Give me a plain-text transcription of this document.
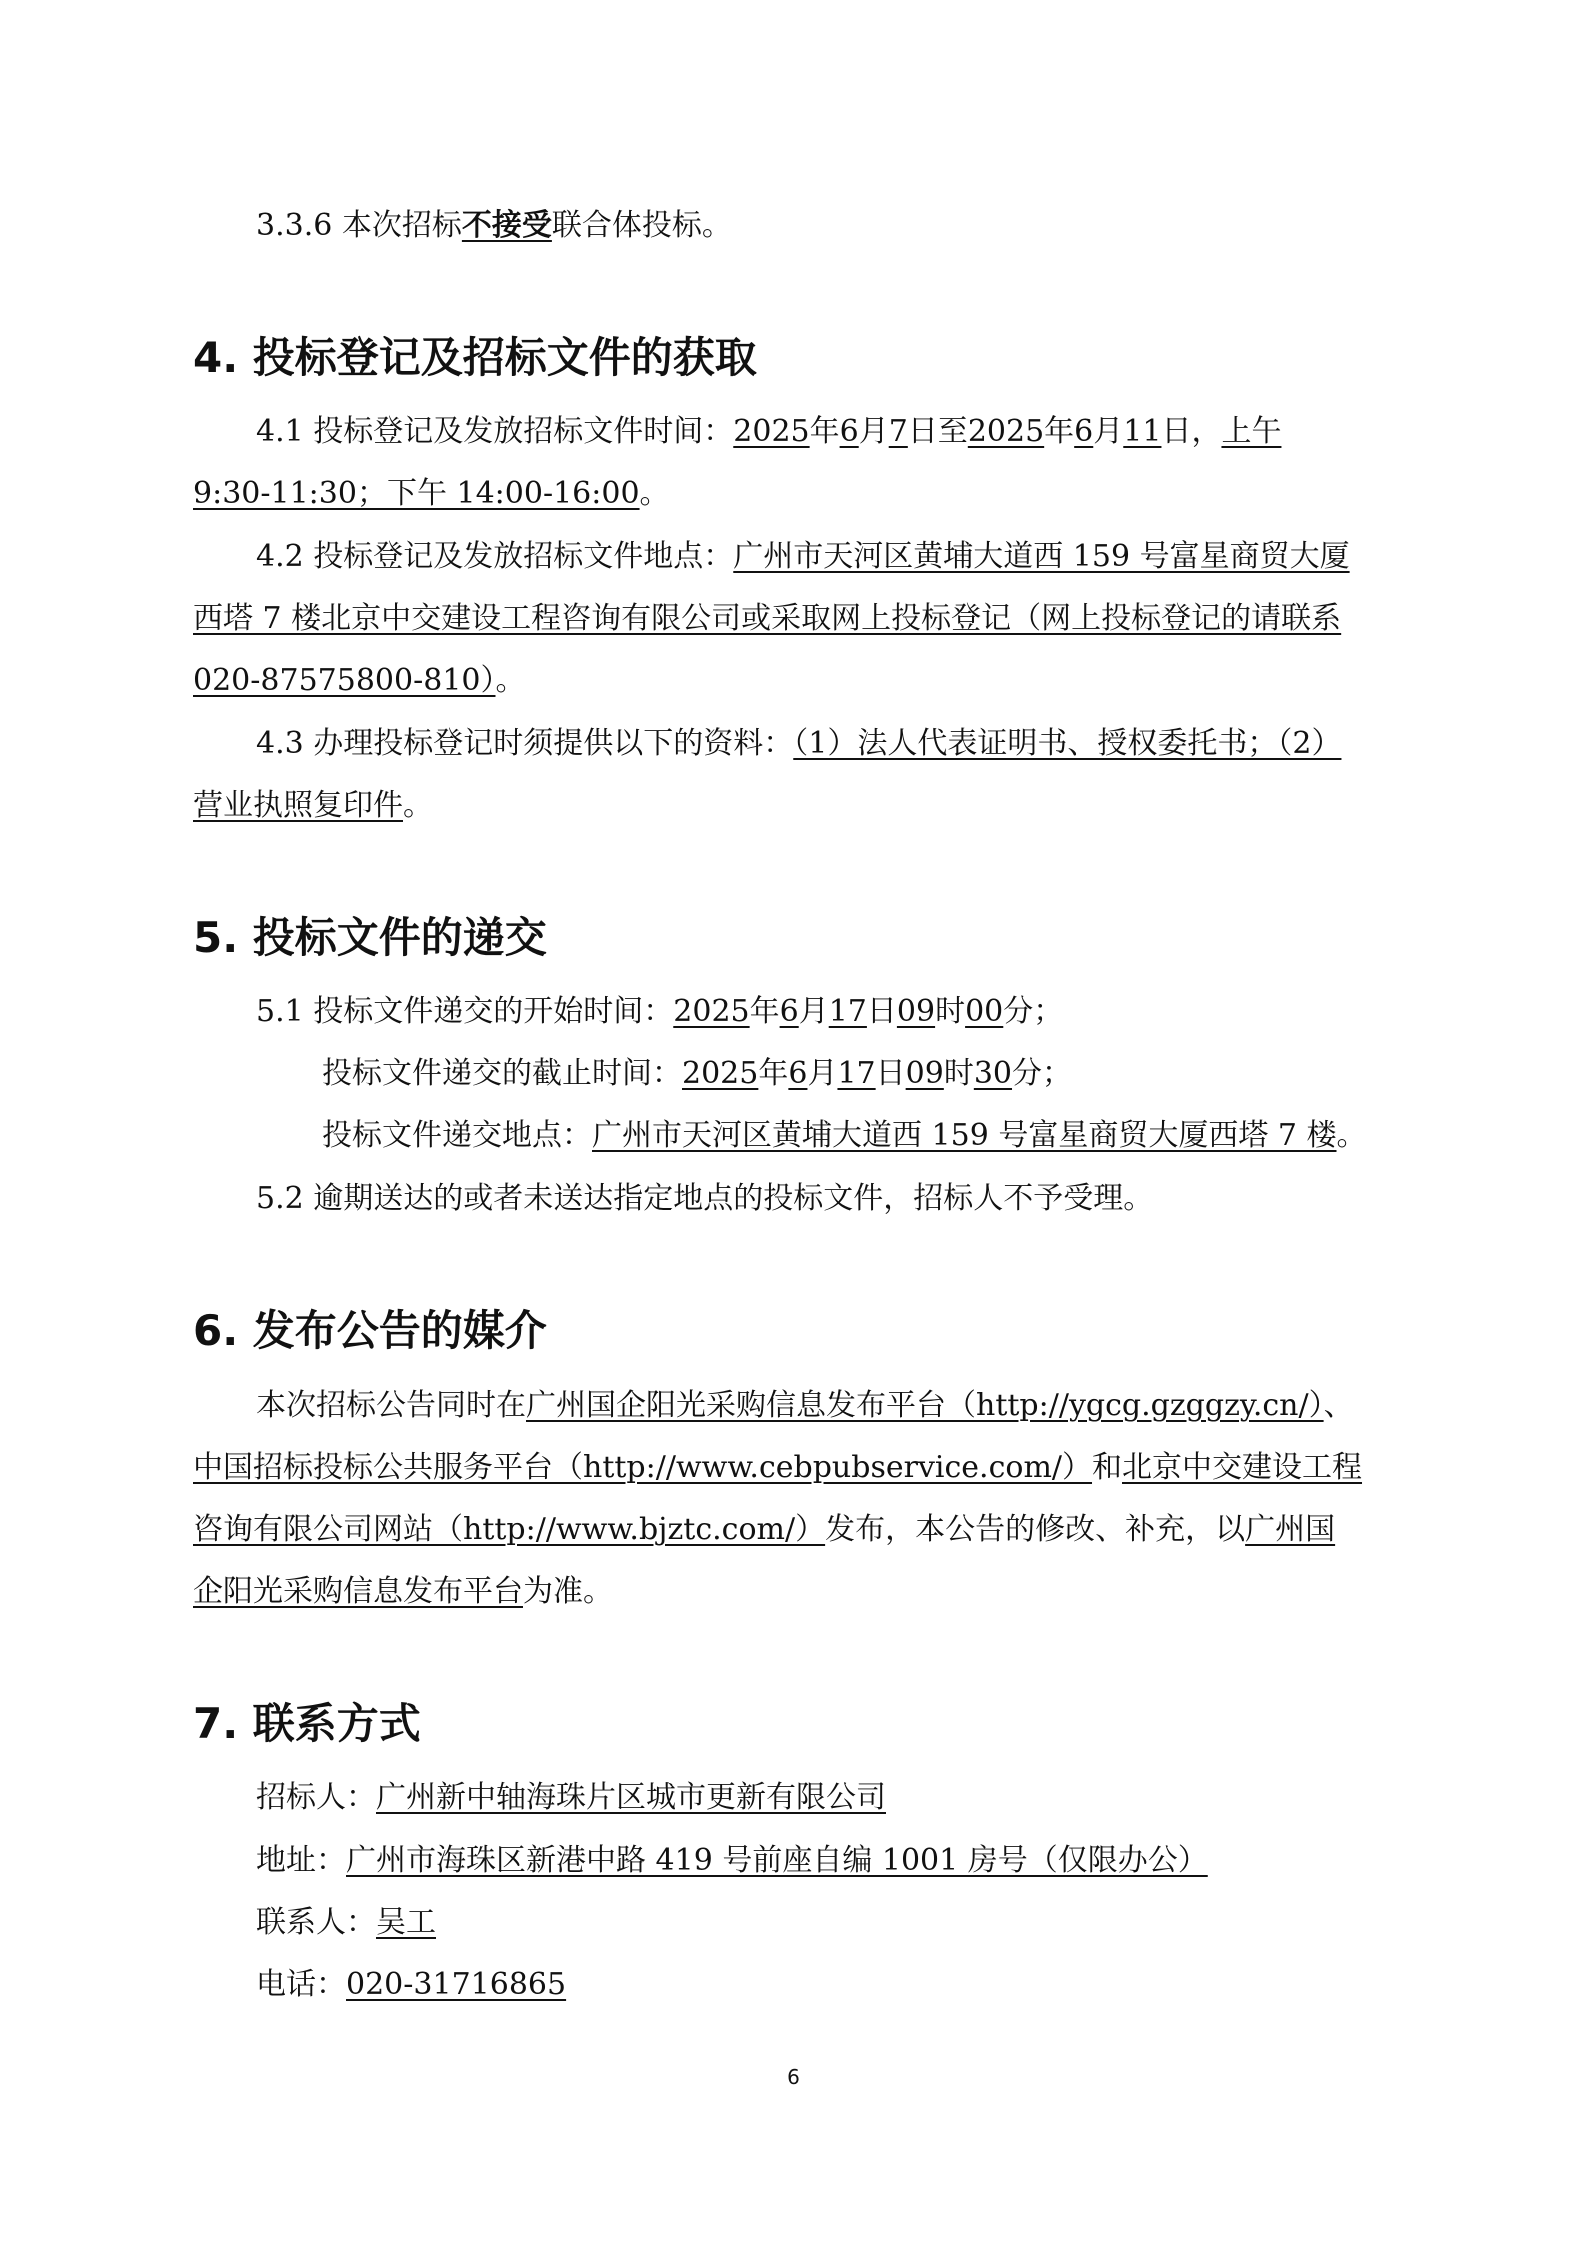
3.3.6 本次招标不接受联合体投标。
4. 投标登记及招标文件的获取
4.1 投标登记及发放招标文件时间：2025年6月7日至2025年6月11日，上午
9:30-11:30；下午 14:00-16:00。
4.2 投标登记及发放招标文件地点：广州市天河区黄埔大道西 159 号富星商贸大厦
西塔 7 楼北京中交建设工程咨询有限公司或采取网上投标登记（网上投标登记的请联系
020-87575800-810）。
4.3 办理投标登记时须提供以下的资料：（1）法人代表证明书、授权委托书；（2）
营业执照复印件。
5. 投标文件的递交
5.1 投标文件递交的开始时间：2025年6月17日09时00分；
投标文件递交的截止时间：2025年6月17日09时30分；
投标文件递交地点：广州市天河区黄埔大道西 159 号富星商贸大厦西塔 7 楼。
5.2 逾期送达的或者未送达指定地点的投标文件，招标人不予受理。
6. 发布公告的媒介
本次招标公告同时在广州国企阳光采购信息发布平台（http://ygcg.gzggzy.cn/）、
中国招标投标公共服务平台（http://www.cebpubservice.com/）和北京中交建设工程
咨询有限公司网站（http://www.bjztc.com/）发布，本公告的修改、补充，以广州国
企阳光采购信息发布平台为准。
7. 联系方式
招标人：广州新中轴海珠片区城市更新有限公司
地址：广州市海珠区新港中路 419 号前座自编 1001 房号（仅限办公）
联系人：吴工
电话：020-31716865
6
